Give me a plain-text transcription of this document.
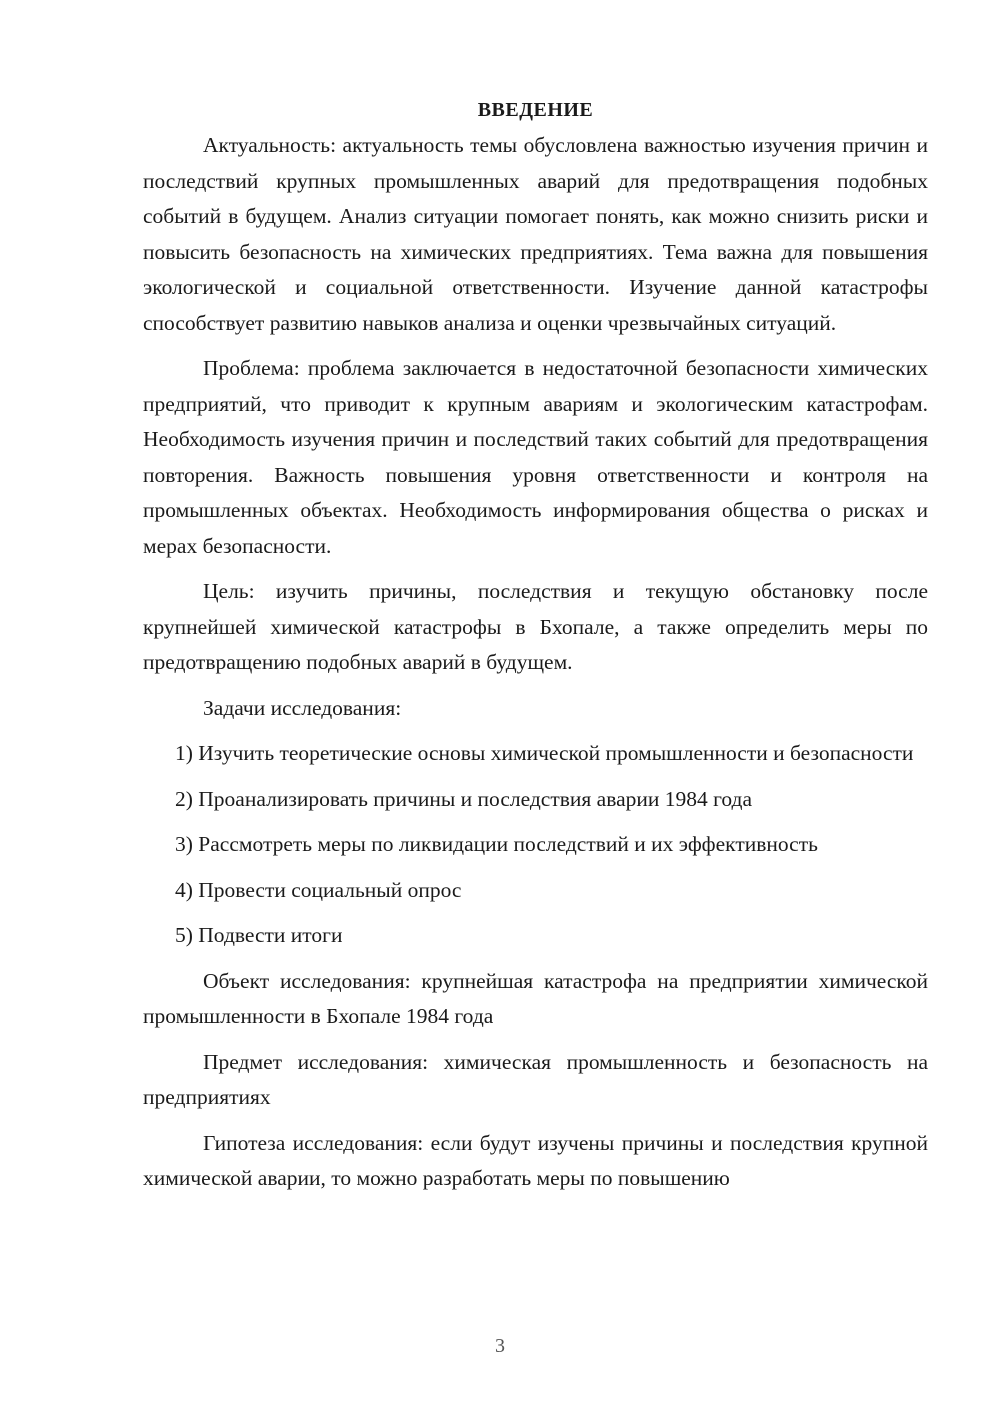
ВВЕДЕНИЕ

Актуальность: актуальность темы обусловлена важностью изучения причин и последствий крупных промышленных аварий для предотвращения подобных событий в будущем. Анализ ситуации помогает понять, как можно снизить риски и повысить безопасность на химических предприятиях. Тема важна для повышения экологической и социальной ответственности. Изучение данной катастрофы способствует развитию навыков анализа и оценки чрезвычайных ситуаций.

Проблема: проблема заключается в недостаточной безопасности химических предприятий, что приводит к крупным авариям и экологическим катастрофам. Необходимость изучения причин и последствий таких событий для предотвращения повторения. Важность повышения уровня ответственности и контроля на промышленных объектах. Необходимость информирования общества о рисках и мерах безопасности.

Цель: изучить причины, последствия и текущую обстановку после крупнейшей химической катастрофы в Бхопале, а также определить меры по предотвращению подобных аварий в будущем.

Задачи исследования:

1) Изучить теоретические основы химической промышленности и безопасности

2) Проанализировать причины и последствия аварии 1984 года

3) Рассмотреть меры по ликвидации последствий и их эффективность

4) Провести социальный опрос

5) Подвести итоги

Объект исследования: крупнейшая катастрофа на предприятии химической промышленности в Бхопале 1984 года

Предмет исследования: химическая промышленность и безопасность на предприятиях

Гипотеза исследования: если будут изучены причины и последствия крупной химической аварии, то можно разработать меры по повышению

3
